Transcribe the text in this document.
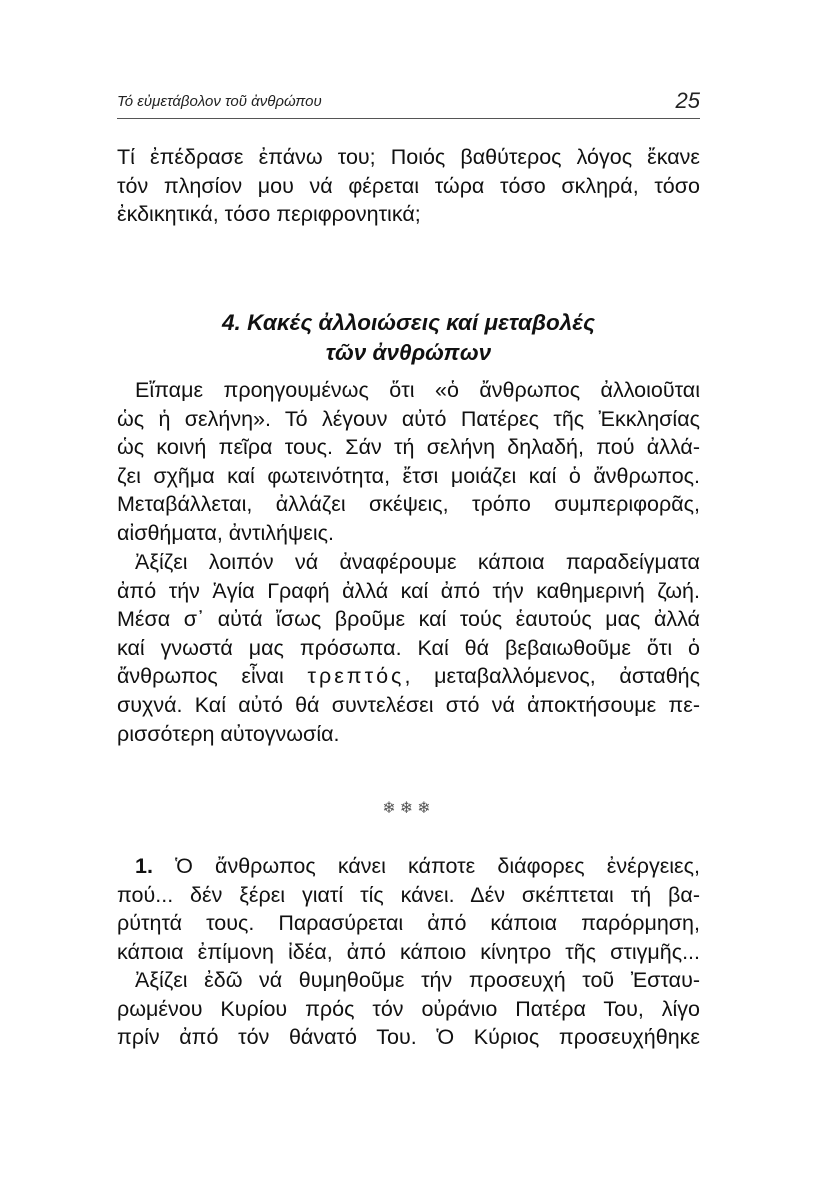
Τό εὐμετάβολον τοῦ ἀνθρώπου	25
Τί ἐπέδρασε ἐπάνω του; Ποιός βαθύτερος λόγος ἔκανε
τόν πλησίον μου νά φέρεται τώρα τόσο σκληρά, τόσο
ἐκδικητικά, τόσο περιφρονητικά;
4. Κακές ἀλλοιώσεις καί μεταβολές
τῶν ἀνθρώπων
Εἴπαμε προηγουμένως ὅτι «ὁ ἄνθρωπος ἀλλοιοῦται
ὡς ἡ σελήνη». Τό λέγουν αὐτό Πατέρες τῆς Ἐκκλησίας
ὡς κοινή πεῖρα τους. Σάν τή σελήνη δηλαδή, πού ἀλλά-
ζει σχῆμα καί φωτεινότητα, ἔτσι μοιάζει καί ὁ ἄνθρωπος.
Μεταβάλλεται, ἀλλάζει σκέψεις, τρόπο συμπεριφορᾶς,
αἰσθήματα, ἀντιλήψεις.
Ἀξίζει λοιπόν νά ἀναφέρουμε κάποια παραδείγματα
ἀπό τήν Ἁγία Γραφή ἀλλά καί ἀπό τήν καθημερινή ζωή.
Μέσα σ᾽ αὐτά ἴσως βροῦμε καί τούς ἑαυτούς μας ἀλλά
καί γνωστά μας πρόσωπα. Καί θά βεβαιωθοῦμε ὅτι ὁ
ἄνθρωπος εἶναι τρεπτός, μεταβαλλόμενος, ἀσταθής
συχνά. Καί αὐτό θά συντελέσει στό νά ἀποκτήσουμε πε-
ρισσότερη αὐτογνωσία.
❄❄❄
1. Ὁ ἄνθρωπος κάνει κάποτε διάφορες ἐνέργειες,
πού... δέν ξέρει γιατί τίς κάνει. Δέν σκέπτεται τή βα-
ρύτητά τους. Παρασύρεται ἀπό κάποια παρόρμηση,
κάποια ἐπίμονη ἰδέα, ἀπό κάποιο κίνητρο τῆς στιγμῆς...
Ἀξίζει ἐδῶ νά θυμηθοῦμε τήν προσευχή τοῦ Ἐσταυ-
ρωμένου Κυρίου πρός τόν οὐράνιο Πατέρα Του, λίγο
πρίν ἀπό τόν θάνατό Του. Ὁ Κύριος προσευχήθηκε
